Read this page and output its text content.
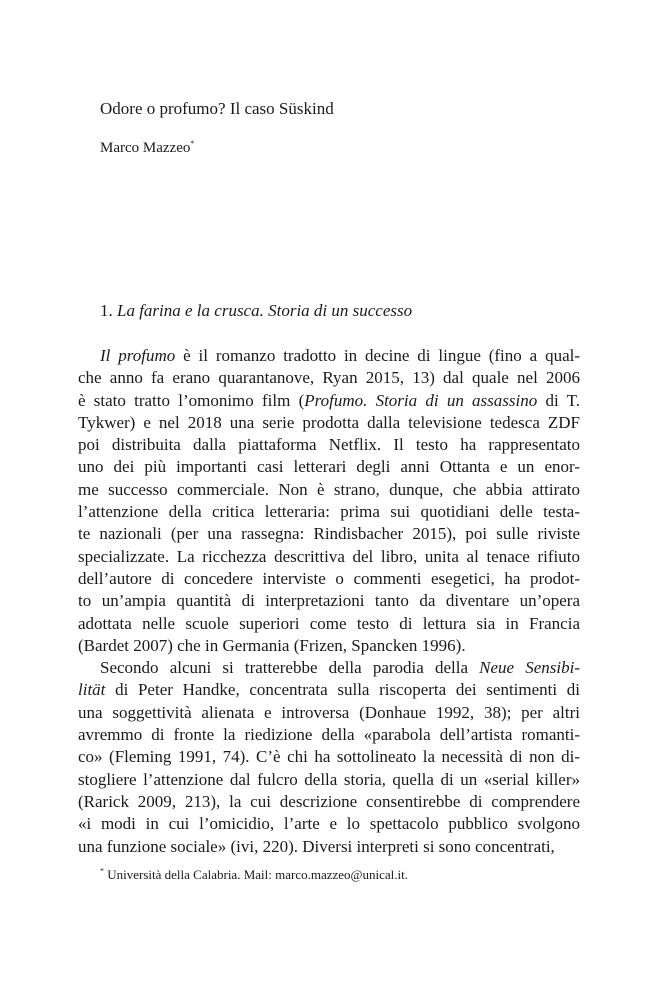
Odore o profumo? Il caso Süskind
Marco Mazzeo*
1. La farina e la crusca. Storia di un successo
Il profumo è il romanzo tradotto in decine di lingue (fino a qual-
che anno fa erano quarantanove, Ryan 2015, 13) dal quale nel 2006
è stato tratto l’omonimo film (Profumo. Storia di un assassino di T.
Tykwer) e nel 2018 una serie prodotta dalla televisione tedesca ZDF
poi distribuita dalla piattaforma Netflix. Il testo ha rappresentato
uno dei più importanti casi letterari degli anni Ottanta e un enor-
me successo commerciale. Non è strano, dunque, che abbia attirato
l’attenzione della critica letteraria: prima sui quotidiani delle testa-
te nazionali (per una rassegna: Rindisbacher 2015), poi sulle riviste
specializzate. La ricchezza descrittiva del libro, unita al tenace rifiuto
dell’autore di concedere interviste o commenti esegetici, ha prodot-
to un’ampia quantità di interpretazioni tanto da diventare un’opera
adottata nelle scuole superiori come testo di lettura sia in Francia
(Bardet 2007) che in Germania (Frizen, Spancken 1996).
Secondo alcuni si tratterebbe della parodia della Neue Sensibi-
lität di Peter Handke, concentrata sulla riscoperta dei sentimenti di
una soggettività alienata e introversa (Donhaue 1992, 38); per altri
avremmo di fronte la riedizione della «parabola dell’artista romanti-
co» (Fleming 1991, 74). C’è chi ha sottolineato la necessità di non di-
stogliere l’attenzione dal fulcro della storia, quella di un «serial killer»
(Rarick 2009, 213), la cui descrizione consentirebbe di comprendere
«i modi in cui l’omicidio, l’arte e lo spettacolo pubblico svolgono
una funzione sociale» (ivi, 220). Diversi interpreti si sono concentrati,
* Università della Calabria. Mail: marco.mazzeo@unical.it.
